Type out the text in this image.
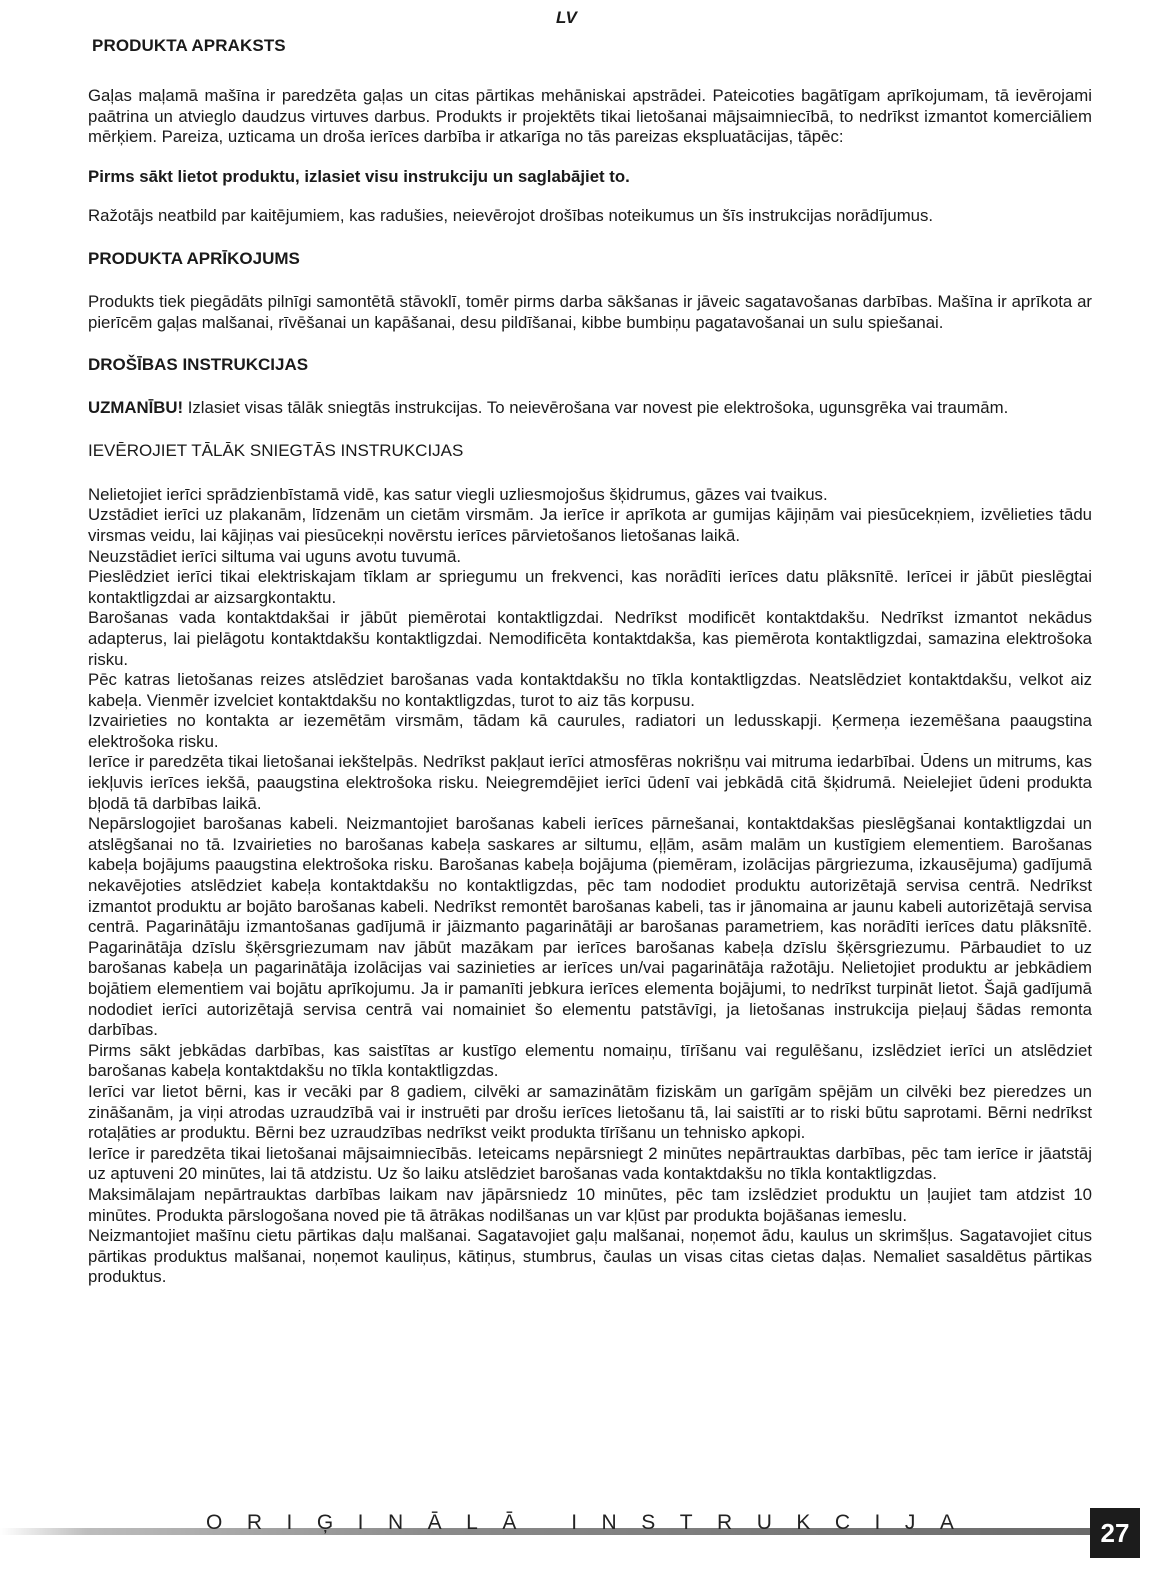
LV
PRODUKTA APRAKSTS

Gaļas maļamā mašīna ir paredzēta gaļas un citas pārtikas mehāniskai apstrādei. Pateicoties bagātīgam aprīkojumam, tā ievērojami paātrina un atvieglo daudzus virtuves darbus. Produkts ir projektēts tikai lietošanai mājsaimniecībā, to nedrīkst izmantot komerciāliem mērķiem. Pareiza, uzticama un droša ierīces darbība ir atkarīga no tās pareizas ekspluatācijas, tāpēc:

Pirms sākt lietot produktu, izlasiet visu instrukciju un saglabājiet to.

Ražotājs neatbild par kaitējumiem, kas radušies, neievērojot drošības noteikumus un šīs instrukcijas norādījumus.

PRODUKTA APRĪKOJUMS

Produkts tiek piegādāts pilnīgi samontētā stāvoklī, tomēr pirms darba sākšanas ir jāveic sagatavošanas darbības. Mašīna ir aprīkota ar pierīcēm gaļas malšanai, rīvēšanai un kapāšanai, desu pildīšanai, kibbe bumbiņu pagatavošanai un sulu spiešanai.

DROŠĪBAS INSTRUKCIJAS

UZMANĪBU! Izlasiet visas tālāk sniegtās instrukcijas. To neievērošana var novest pie elektrošoka, ugunsgrēka vai traumām.

IEVĒROJIET TĀLĀK SNIEGTĀS INSTRUKCIJAS

Nelietojiet ierīci sprādzienbīstamā vidē, kas satur viegli uzliesmojošus šķidrumus, gāzes vai tvaikus.

Uzstādiet ierīci uz plakanām, līdzenām un cietām virsmām. Ja ierīce ir aprīkota ar gumijas kājiņām vai piesūcekņiem, izvēlieties tādu virsmas veidu, lai kājiņas vai piesūcekņi novērstu ierīces pārvietošanos lietošanas laikā.

Neuzstādiet ierīci siltuma vai uguns avotu tuvumā.

Pieslēdziet ierīci tikai elektriskajam tīklam ar spriegumu un frekvenci, kas norādīti ierīces datu plāksnītē. Ierīcei ir jābūt pieslēgtai kontaktligzdai ar aizsargkontaktu.

Barošanas vada kontaktdakšai ir jābūt piemērotai kontaktligzdai. Nedrīkst modificēt kontaktdakšu. Nedrīkst izmantot nekādus adapterus, lai pielāgotu kontaktdakšu kontaktligzdai. Nemodificēta kontaktdakša, kas piemērota kontaktligzdai, samazina elektrošoka risku.

Pēc katras lietošanas reizes atslēdziet barošanas vada kontaktdakšu no tīkla kontaktligzdas. Neatslēdziet kontaktdakšu, velkot aiz kabeļa. Vienmēr izvelciet kontaktdakšu no kontaktligzdas, turot to aiz tās korpusu.

Izvairieties no kontakta ar iezemētām virsmām, tādam kā caurules, radiatori un ledusskapji. Ķermeņa iezemēšana paaugstina elektrošoka risku.

Ierīce ir paredzēta tikai lietošanai iekštelpās. Nedrīkst pakļaut ierīci atmosfēras nokrišņu vai mitruma iedarbībai. Ūdens un mitrums, kas iekļuvis ierīces iekšā, paaugstina elektrošoka risku. Neiegremdējiet ierīci ūdenī vai jebkādā citā šķidrumā. Neielejiet ūdeni produkta bļodā tā darbības laikā.

Nepārslogojiet barošanas kabeli. Neizmantojiet barošanas kabeli ierīces pārnešanai, kontaktdakšas pieslēgšanai kontaktligzdai un atslēgšanai no tā. Izvairieties no barošanas kabeļa saskares ar siltumu, eļļām, asām malām un kustīgiem elementiem. Barošanas kabeļa bojājums paaugstina elektrošoka risku. Barošanas kabeļa bojājuma (piemēram, izolācijas pārgriezuma, izkausējuma) gadījumā nekavējoties atslēdziet kabeļa kontaktdakšu no kontaktligzdas, pēc tam nododiet produktu autorizētajā servisa centrā. Nedrīkst izmantot produktu ar bojāto barošanas kabeli. Nedrīkst remontēt barošanas kabeli, tas ir jānomaina ar jaunu kabeli autorizētajā servisa centrā. Pagarinātāju izmantošanas gadījumā ir jāizmanto pagarinātāji ar barošanas parametriem, kas norādīti ierīces datu plāksnītē. Pagarinātāja dzīslu šķērsgriezumam nav jābūt mazākam par ierīces barošanas kabeļa dzīslu šķērsgriezumu. Pārbaudiet to uz barošanas kabeļa un pagarinātāja izolācijas vai sazinieties ar ierīces un/vai pagarinātāja ražotāju. Nelietojiet produktu ar jebkādiem bojātiem elementiem vai bojātu aprīkojumu. Ja ir pamanīti jebkura ierīces elementa bojājumi, to nedrīkst turpināt lietot. Šajā gadījumā nododiet ierīci autorizētajā servisa centrā vai nomainiet šo elementu patstāvīgi, ja lietošanas instrukcija pieļauj šādas remonta darbības.

Pirms sākt jebkādas darbības, kas saistītas ar kustīgo elementu nomaiņu, tīrīšanu vai regulēšanu, izslēdziet ierīci un atslēdziet barošanas kabeļa kontaktdakšu no tīkla kontaktligzdas.

Ierīci var lietot bērni, kas ir vecāki par 8 gadiem, cilvēki ar samazinātām fiziskām un garīgām spējām un cilvēki bez pieredzes un zināšanām, ja viņi atrodas uzraudzībā vai ir instruēti par drošu ierīces lietošanu tā, lai saistīti ar to riski būtu saprotami. Bērni nedrīkst rotaļāties ar produktu. Bērni bez uzraudzības nedrīkst veikt produkta tīrīšanu un tehnisko apkopi.

Ierīce ir paredzēta tikai lietošanai mājsaimniecībās. Ieteicams nepārsniegt 2 minūtes nepārtrauktas darbības, pēc tam ierīce ir jāatstāj uz aptuveni 20 minūtes, lai tā atdzistu. Uz šo laiku atslēdziet barošanas vada kontaktdakšu no tīkla kontaktligzdas.

Maksimālajam nepārtrauktas darbības laikam nav jāpārsniedz 10 minūtes, pēc tam izslēdziet produktu un ļaujiet tam atdzist 10 minūtes. Produkta pārslogošana noved pie tā ātrākas nodilšanas un var kļūst par produkta bojāšanas iemeslu.

Neizmantojiet mašīnu cietu pārtikas daļu malšanai. Sagatavojiet gaļu malšanai, noņemot ādu, kaulus un skrimšļus. Sagatavojiet citus pārtikas produktus malšanai, noņemot kauliņus, kātiņus, stumbrus, čaulas un visas citas cietas daļas. Nemaliet sasaldētus pārtikas produktus.

ORIĢINĀLĀ INSTRUKCIJA	27
